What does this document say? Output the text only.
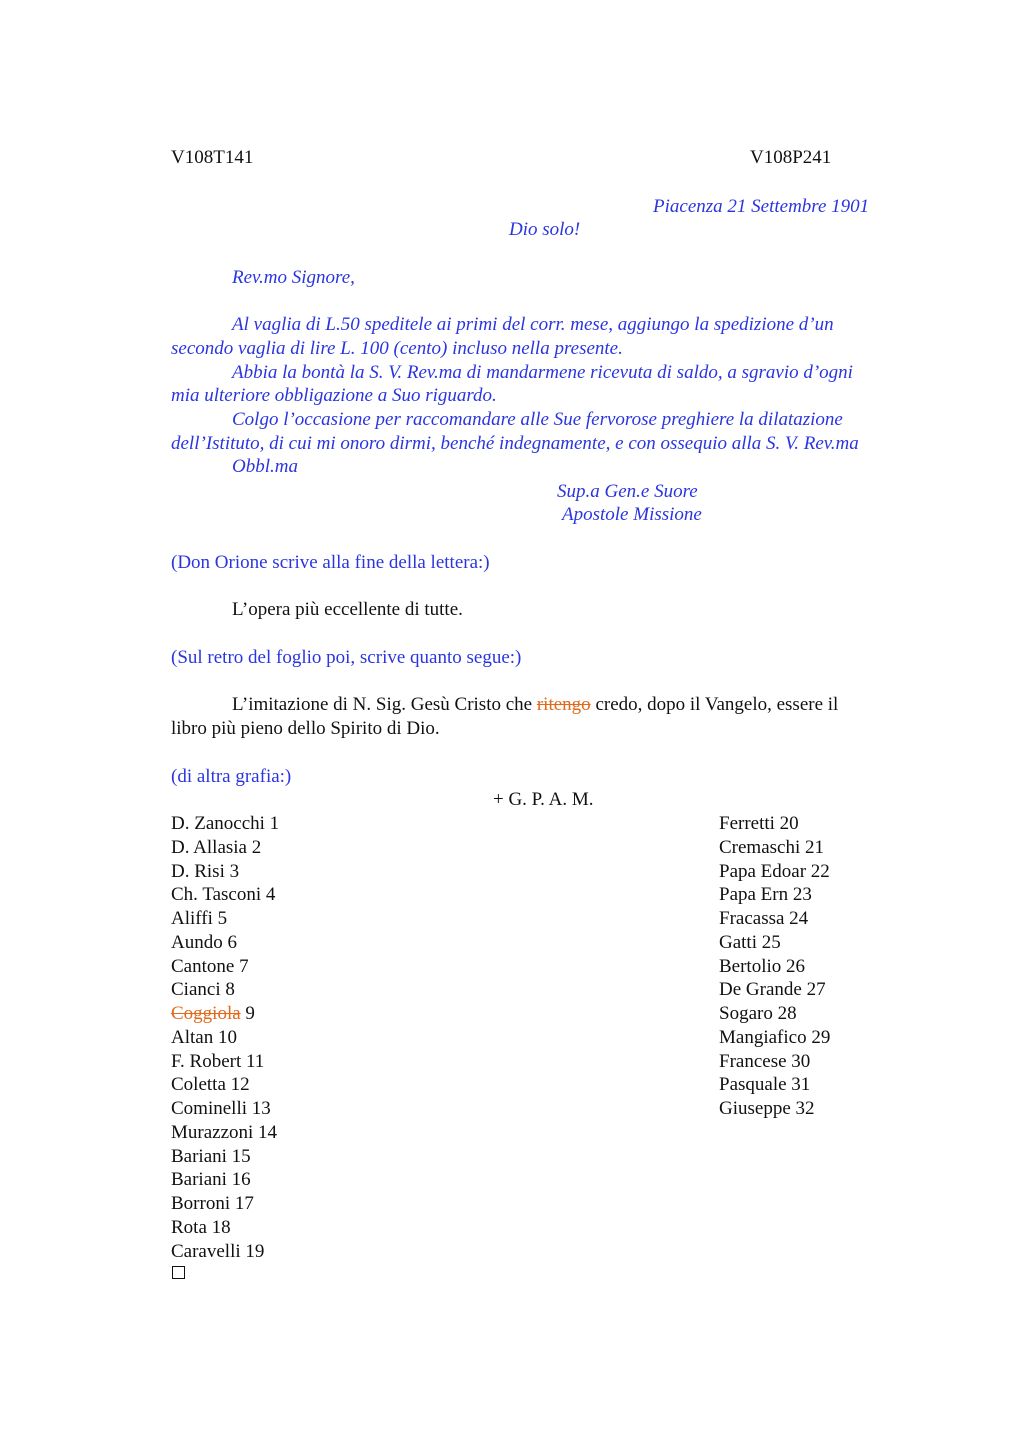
V108T141	V108P241
Piacenza 21 Settembre 1901
Dio solo!
Rev.mo Signore,
Al vaglia di L.50 speditele ai primi del corr. mese, aggiungo la spedizione d’un
secondo vaglia di lire L. 100 (cento) incluso nella presente.
Abbia la bontà la S. V. Rev.ma di mandarmene ricevuta di saldo, a sgravio d’ogni
mia ulteriore obbligazione a Suo riguardo.
Colgo l’occasione per raccomandare alle Sue fervorose preghiere la dilatazione
dell’Istituto, di cui mi onoro dirmi, benché indegnamente, e con ossequio alla S. V. Rev.ma
Obbl.ma
Sup.a Gen.e Suore
Apostole Missione
(Don Orione scrive alla fine della lettera:)
L’opera più eccellente di tutte.
(Sul retro del foglio poi, scrive quanto segue:)
L’imitazione di N. Sig. Gesù Cristo che ritengo credo, dopo il Vangelo, essere il
libro più pieno dello Spirito di Dio.
(di altra grafia:)
+ G. P. A. M.
D. Zanocchi 1
D. Allasia 2
D. Risi 3
Ch. Tasconi 4
Aliffi 5
Aundo 6
Cantone 7
Cianci 8
Coggiola 9
Altan 10
F. Robert 11
Coletta 12
Cominelli 13
Murazzoni 14
Bariani 15
Bariani 16
Borroni 17
Rota 18
Caravelli 19
Ferretti 20
Cremaschi 21
Papa Edoar 22
Papa Ern 23
Fracassa 24
Gatti 25
Bertolio 26
De Grande 27
Sogaro 28
Mangiafico 29
Francese 30
Pasquale 31
Giuseppe 32
